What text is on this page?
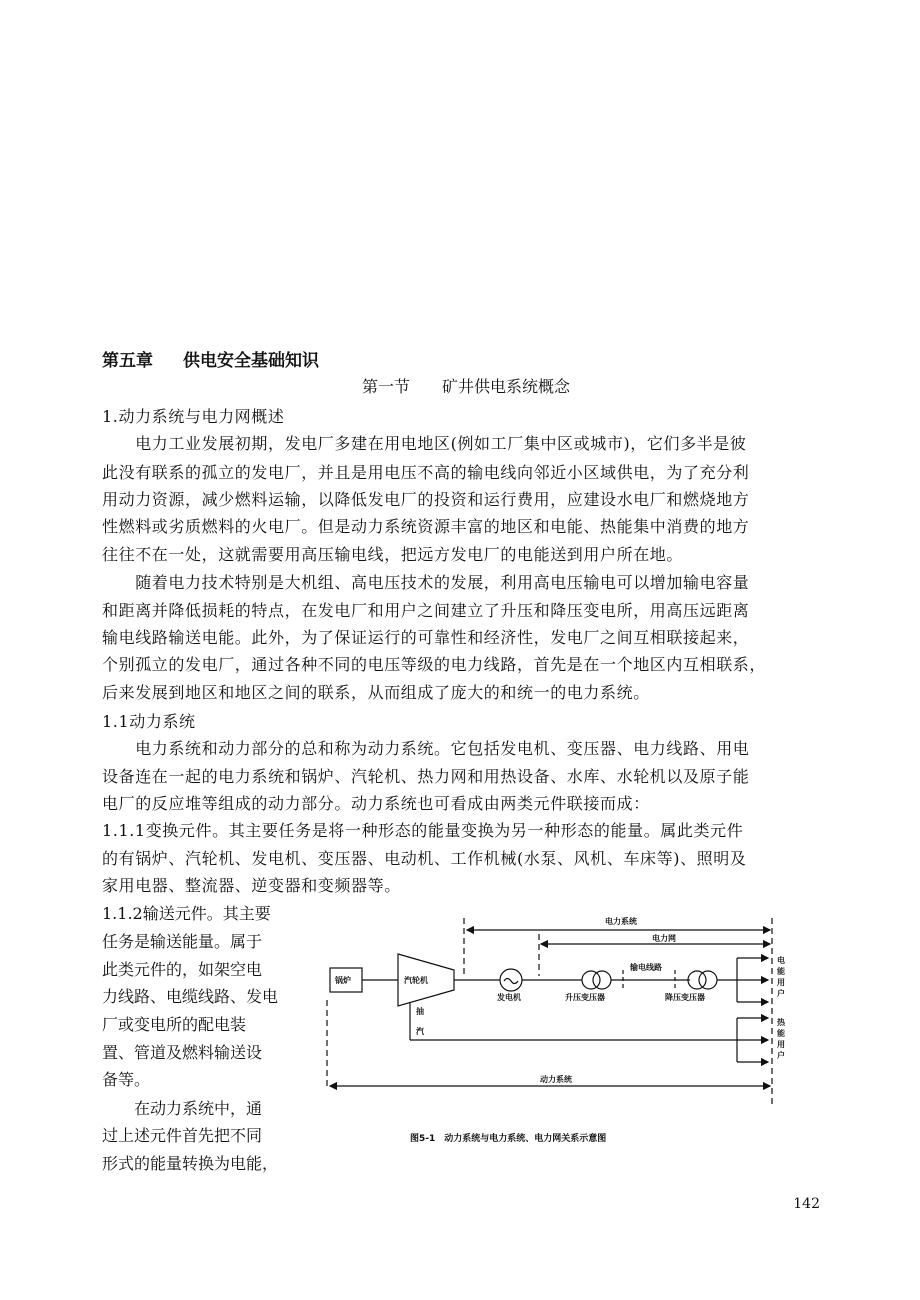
第五章 供电安全基础知识
第一节 矿井供电系统概念
1.动力系统与电力网概述
　　电力工业发展初期，发电厂多建在用电地区(例如工厂集中区或城市)，它们多半是彼
此没有联系的孤立的发电厂，并且是用电压不高的输电线向邻近小区域供电，为了充分利
用动力资源，减少燃料运输，以降低发电厂的投资和运行费用，应建设水电厂和燃烧地方
性燃料或劣质燃料的火电厂。但是动力系统资源丰富的地区和电能、热能集中消费的地方
往往不在一处，这就需要用高压输电线，把远方发电厂的电能送到用户所在地。
　　随着电力技术特别是大机组、高电压技术的发展，利用高电压输电可以增加输电容量
和距离并降低损耗的特点，在发电厂和用户之间建立了升压和降压变电所，用高压远距离
输电线路输送电能。此外，为了保证运行的可靠性和经济性，发电厂之间互相联接起来，
个别孤立的发电厂，通过各种不同的电压等级的电力线路，首先是在一个地区内互相联系，
后来发展到地区和地区之间的联系，从而组成了庞大的和统一的电力系统。
1.1动力系统
　　电力系统和动力部分的总和称为动力系统。它包括发电机、变压器、电力线路、用电
设备连在一起的电力系统和锅炉、汽轮机、热力网和用热设备、水库、水轮机以及原子能
电厂的反应堆等组成的动力部分。动力系统也可看成由两类元件联接而成：
1.1.1变换元件。其主要任务是将一种形态的能量变换为另一种形态的能量。属此类元件
的有锅炉、汽轮机、发电机、变压器、电动机、工作机械(水泵、风机、车床等)、照明及
家用电器、整流器、逆变器和变频器等。
1.1.2输送元件。其主要
任务是输送能量。属于
此类元件的，如架空电
力线路、电缆线路、发电
厂或变电所的配电装
置、管道及燃料输送设
备等。
　　在动力系统中，通
过上述元件首先把不同
形式的能量转换为电能，
电力系统
电力网
锅炉	汽轮机
发电机	升压变压器
输电线路
降压变压器
电
能
用
户
热
能
用
户
抽
汽
动力系统
图5-1　动力系统与电力系统、电力网关系示意图
142
